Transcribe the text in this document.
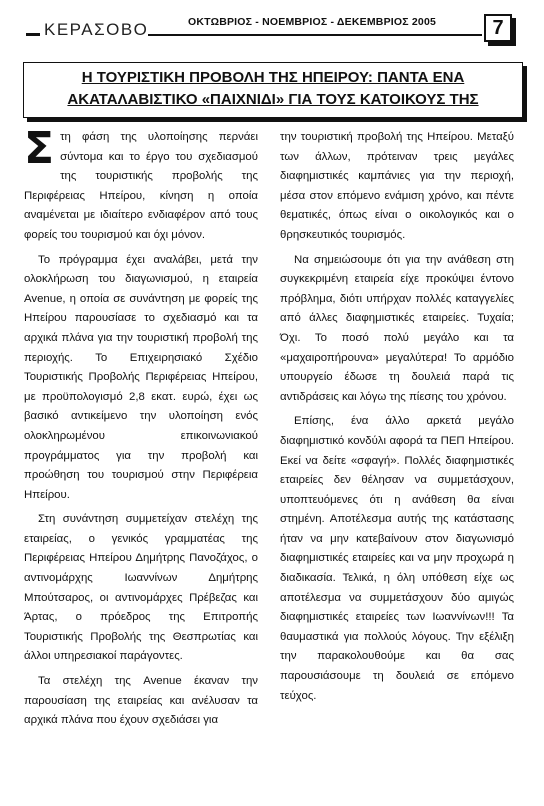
ΚΕΡΑΣΟΒΟ	ΟΚΤΩΒΡΙΟΣ - ΝΟΕΜΒΡΙΟΣ - ΔΕΚΕΜΒΡΙΟΣ 2005	7
Η ΤΟΥΡΙΣΤΙΚΗ ΠΡΟΒΟΛΗ ΤΗΣ ΗΠΕΙΡΟΥ: ΠΑΝΤΑ ΕΝΑ ΑΚΑΤΑΛΑΒΙΣΤΙΚΟ «ΠΑΙΧΝΙΔΙ» ΓΙΑ ΤΟΥΣ ΚΑΤΟΙΚΟΥΣ ΤΗΣ

Στη φάση της υλοποίησης περνάει σύντομα και το έργο του σχεδιασμού της τουριστικής προβολής της Περιφέρειας Ηπείρου, κίνηση η οποία αναμένεται με ιδιαίτερο ενδιαφέρον από τους φορείς του τουρισμού και όχι μόνον.

Το πρόγραμμα έχει αναλάβει, μετά την ολοκλήρωση του διαγωνισμού, η εταιρεία Avenue, η οποία σε συνάντηση με φορείς της Ηπείρου παρουσίασε το σχεδιασμό και τα αρχικά πλάνα για την τουριστική προβολή της περιοχής. Το Επιχειρησιακό Σχέδιο Τουριστικής Προβολής Περιφέρειας Ηπείρου, με προϋπολογισμό 2,8 εκατ. ευρώ, έχει ως βασικό αντικείμενο την υλοποίηση ενός ολοκληρωμένου επικοινωνιακού προγράμματος για την προβολή και προώθηση του τουρισμού στην Περιφέρεια Ηπείρου.

Στη συνάντηση συμμετείχαν στελέχη της εταιρείας, ο γενικός γραμματέας της Περιφέρειας Ηπείρου Δημήτρης Πανοζάχος, ο αντινομάρχης Ιωαννίνων Δημήτρης Μπούτσαρος, οι αντινομάρχες Πρέβεζας και Άρτας, ο πρόεδρος της Επιτροπής Τουριστικής Προβολής της Θεσπρωτίας και άλλοι υπηρεσιακοί παράγοντες.

Τα στελέχη της Avenue έκαναν την παρουσίαση της εταιρείας και ανέλυσαν τα αρχικά πλάνα που έχουν σχεδιάσει για

την τουριστική προβολή της Ηπείρου. Μεταξύ των άλλων, πρότειναν τρεις μεγάλες διαφημιστικές καμπάνιες για την περιοχή, μέσα στον επόμενο ενάμιση χρόνο, και πέντε θεματικές, όπως είναι ο οικολογικός και ο θρησκευτικός τουρισμός.

Να σημειώσουμε ότι για την ανάθεση στη συγκεκριμένη εταιρεία είχε προκύψει έντονο πρόβλημα, διότι υπήρχαν πολλές καταγγελίες από άλλες διαφημιστικές εταιρείες. Τυχαία; Όχι. Το ποσό πολύ μεγάλο και τα «μαχαιροπήρουνα» μεγαλύτερα! Το αρμόδιο υπουργείο έδωσε τη δουλειά παρά τις αντιδράσεις και λόγω της πίεσης του χρόνου.

Επίσης, ένα άλλο αρκετά μεγάλο διαφημιστικό κονδύλι αφορά τα ΠΕΠ Ηπείρου. Εκεί να δείτε «σφαγή». Πολλές διαφημιστικές εταιρείες δεν θέλησαν να συμμετάσχουν, υποπτευόμενες ότι η ανάθεση θα είναι στημένη. Αποτέλεσμα αυτής της κατάστασης ήταν να μην κατεβαίνουν στον διαγωνισμό διαφημιστικές εταιρείες και να μην προχωρά η διαδικασία. Τελικά, η όλη υπόθεση είχε ως αποτέλεσμα να συμμετάσχουν δύο αμιγώς διαφημιστικές εταιρείες των Ιωαννίνων!!! Τα θαυμαστικά για πολλούς λόγους. Την εξέλιξη την παρακολουθούμε και θα σας παρουσιάσουμε τη δουλειά σε επόμενο τεύχος.
